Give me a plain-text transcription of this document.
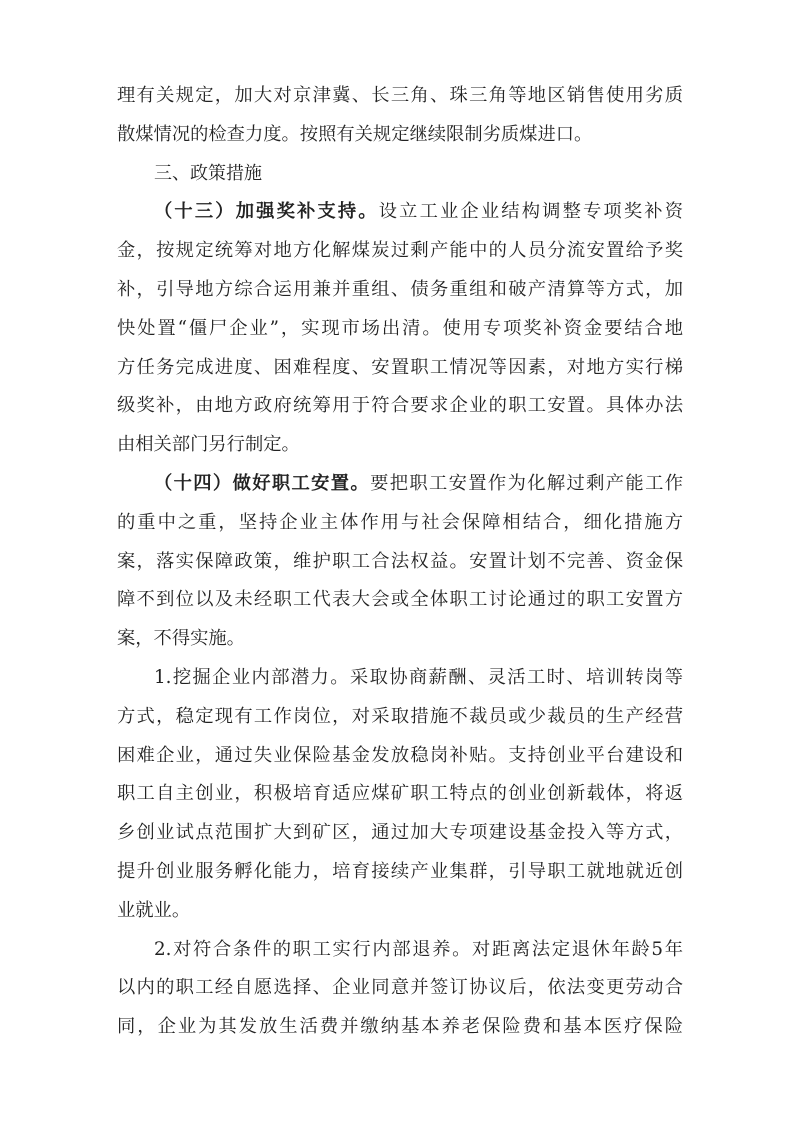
理有关规定，加大对京津冀、长三角、珠三角等地区销售使用劣质
散煤情况的检查力度。按照有关规定继续限制劣质煤进口。
三、政策措施
（十三）加强奖补支持。设立工业企业结构调整专项奖补资
金，按规定统筹对地方化解煤炭过剩产能中的人员分流安置给予奖
补，引导地方综合运用兼并重组、债务重组和破产清算等方式，加
快处置“僵尸企业”，实现市场出清。使用专项奖补资金要结合地
方任务完成进度、困难程度、安置职工情况等因素，对地方实行梯
级奖补，由地方政府统筹用于符合要求企业的职工安置。具体办法
由相关部门另行制定。
（十四）做好职工安置。要把职工安置作为化解过剩产能工作
的重中之重，坚持企业主体作用与社会保障相结合，细化措施方
案，落实保障政策，维护职工合法权益。安置计划不完善、资金保
障不到位以及未经职工代表大会或全体职工讨论通过的职工安置方
案，不得实施。
1.挖掘企业内部潜力。采取协商薪酬、灵活工时、培训转岗等
方式，稳定现有工作岗位，对采取措施不裁员或少裁员的生产经营
困难企业，通过失业保险基金发放稳岗补贴。支持创业平台建设和
职工自主创业，积极培育适应煤矿职工特点的创业创新载体，将返
乡创业试点范围扩大到矿区，通过加大专项建设基金投入等方式，
提升创业服务孵化能力，培育接续产业集群，引导职工就地就近创
业就业。
2.对符合条件的职工实行内部退养。对距离法定退休年龄5年
以内的职工经自愿选择、企业同意并签订协议后，依法变更劳动合
同，企业为其发放生活费并缴纳基本养老保险费和基本医疗保险
